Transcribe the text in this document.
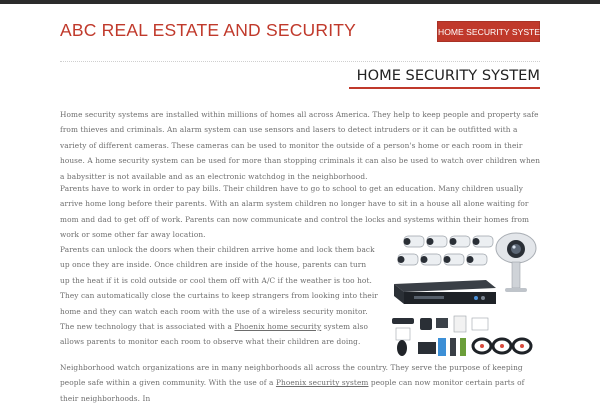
ABC REAL ESTATE AND SECURITY	HOME SECURITY SYSTEM
HOME SECURITY SYSTEM

Home security systems are installed within millions of homes all across America. They help to keep people and property safe from thieves and criminals. An alarm system can use sensors and lasers to detect intruders or it can be outfitted with a variety of different cameras. These cameras can be used to monitor the outside of a person's home or each room in their house. A home security system can be used for more than stopping criminals it can also be used to watch over children when a babysitter is not available and as an electronic watchdog in the neighborhood.

Parents have to work in order to pay bills. Their children have to go to school to get an education. Many children usually arrive home long before their parents. With an alarm system children no longer have to sit in a house all alone waiting for mom and dad to get off of work. Parents can now communicate and control the locks and systems within their homes from work or some other far away location.

Parents can unlock the doors when their children arrive home and lock them back up once they are inside. Once children are inside of the house, parents can turn up the heat if it is cold outside or cool them off with A/C if the weather is too hot. They can automatically close the curtains to keep strangers from looking into their home and they can watch each room with the use of a wireless security monitor. The new technology that is associated with a Phoenix home security system also allows parents to monitor each room to observe what their children are doing.

Neighborhood watch organizations are in many neighborhoods all across the country. They serve the purpose of keeping people safe within a given community. With the use of a Phoenix security system people can now monitor certain parts of their neighborhoods. In
